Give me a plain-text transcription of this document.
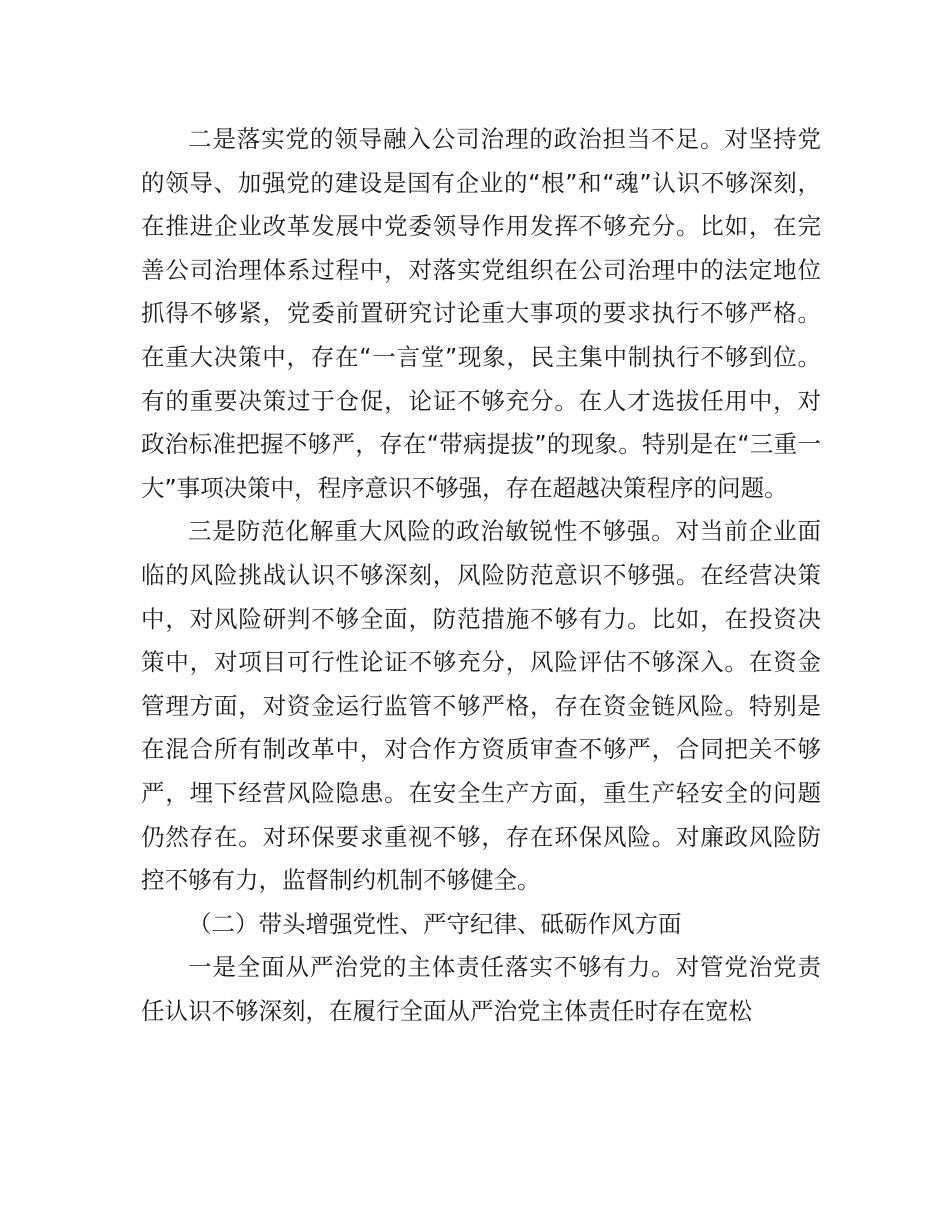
二是落实党的领导融入公司治理的政治担当不足。对坚持党的领导、加强党的建设是国有企业的“根”和“魂”认识不够深刻，在推进企业改革发展中党委领导作用发挥不够充分。比如，在完善公司治理体系过程中，对落实党组织在公司治理中的法定地位抓得不够紧，党委前置研究讨论重大事项的要求执行不够严格。在重大决策中，存在“一言堂”现象，民主集中制执行不够到位。有的重要决策过于仓促，论证不够充分。在人才选拔任用中，对政治标准把握不够严，存在“带病提拔”的现象。特别是在“三重一大”事项决策中，程序意识不够强，存在超越决策程序的问题。

三是防范化解重大风险的政治敏锐性不够强。对当前企业面临的风险挑战认识不够深刻，风险防范意识不够强。在经营决策中，对风险研判不够全面，防范措施不够有力。比如，在投资决策中，对项目可行性论证不够充分，风险评估不够深入。在资金管理方面，对资金运行监管不够严格，存在资金链风险。特别是在混合所有制改革中，对合作方资质审查不够严，合同把关不够严，埋下经营风险隐患。在安全生产方面，重生产轻安全的问题仍然存在。对环保要求重视不够，存在环保风险。对廉政风险防控不够有力，监督制约机制不够健全。

（二）带头增强党性、严守纪律、砥砺作风方面

一是全面从严治党的主体责任落实不够有力。对管党治党责任认识不够深刻，在履行全面从严治党主体责任时存在宽松
